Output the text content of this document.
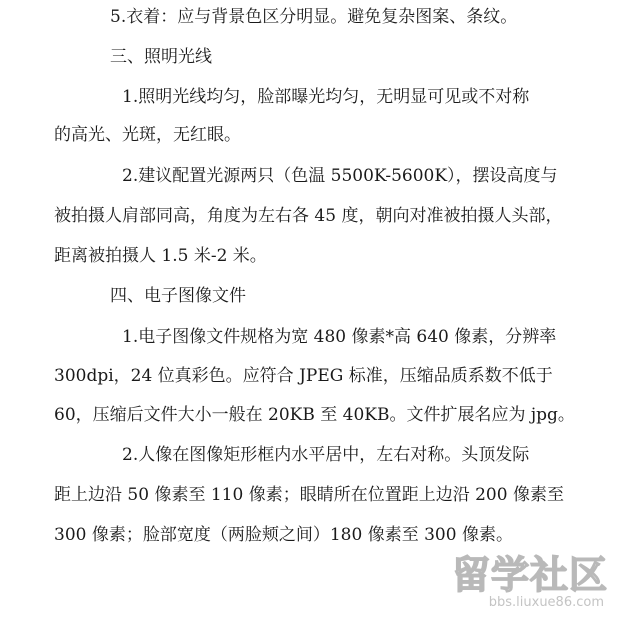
5.衣着：应与背景色区分明显。避免复杂图案、条纹。
三、照明光线
1.照明光线均匀，脸部曝光均匀，无明显可见或不对称
的高光、光斑，无红眼。
2.建议配置光源两只（色温 5500K-5600K），摆设高度与
被拍摄人肩部同高，角度为左右各 45 度，朝向对准被拍摄人头部，
距离被拍摄人 1.5 米-2 米。
四、电子图像文件
1.电子图像文件规格为宽 480 像素*高 640 像素，分辨率
300dpi，24 位真彩色。应符合 JPEG 标准，压缩品质系数不低于
60，压缩后文件大小一般在 20KB 至 40KB。文件扩展名应为 jpg。
2.人像在图像矩形框内水平居中，左右对称。头顶发际
距上边沿 50 像素至 110 像素；眼睛所在位置距上边沿 200 像素至
300 像素；脸部宽度（两脸颊之间）180 像素至 300 像素。
留学社区
bbs.liuxue86.com
